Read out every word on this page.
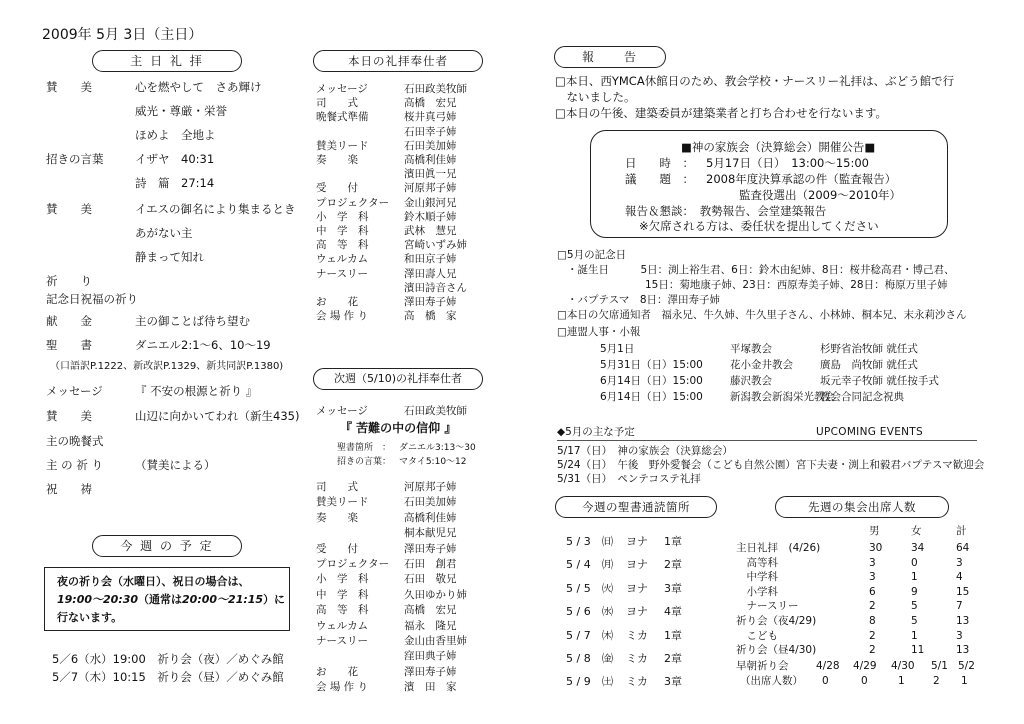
2009年 5月 3日（主日）
主 日 礼 拝
賛　　美	心を燃やして　さあ輝け
威光・尊厳・栄誉
ほめよ　全地よ
招きの言葉	イザヤ　40:31
詩　篇　27:14
賛　　美	イエスの御名により集まるとき
あがない主
静まって知れ
祈　　り
記念日祝福の祈り
献　　金	主の御ことば待ち望む
聖　　書	ダニエル2:1～6、10～19
（口語訳P.1222、新改訳P.1329、新共同訳P.1380)
メッセージ	『 不安の根源と祈り 』
賛　　美	山辺に向かいてわれ（新生435)
主の晩餐式
主 の 祈 り	（賛美による）
祝　　祷
今 週 の 予 定
夜の祈り会（水曜日）、祝日の場合は、
19:00～20:30（通常は20:00～21:15）に
行ないます。
5／6（水）19:00　祈り会（夜）／めぐみ館
5／7（木）10:15　祈り会（昼）／めぐみ館
本日の礼拝奉仕者
メッセージ	石田政美牧師
司　　式	高橋　宏兄
晩餐式準備	桜井真弓姉
石田幸子姉
賛美リード	石田美加姉
奏　　楽	高橋利佳姉
濱田眞一兄
受　　付	河原邦子姉
プロジェクター 金山銀河兄
小　学　科	鈴木順子姉
中　学　科	武林　慧兄
高　等　科	宮崎いずみ姉
ウェルカム	和田京子姉
ナースリー	澤田壽人兄
濱田詩音さん
お　　花	澤田寿子姉
会 場 作 り	高　橋　家
次週（5/10)の礼拝奉仕者
メッセージ	石田政美牧師
『 苦難の中の信仰 』
聖書箇所　： ダニエル3:13～30
招きの言葉： マタイ5:10～12
司　　式	河原邦子姉
賛美リード	石田美加姉
奏　　楽	高橋利佳姉
桐本献児兄
受　　付	澤田寿子姉
プロジェクター 石田　創君
小　学　科	石田　敬兄
中　学　科	久田ゆかり姉
高　等　科	高橋　宏兄
ウェルカム	福永　隆兄
ナースリー	金山由香里姉
窪田典子姉
お　　花	澤田寿子姉
会 場 作 り	濱　田　家
報　　告
□本日、西YMCA休館日のため、教会学校・ナースリー礼拝は、ぶどう館で行
　ないました。
□本日の午後、建築委員が建築業者と打ち合わせを行ないます。
■神の家族会（決算総会）開催公告■
日　　時　： 5月17日（日）　13:00～15:00
議　　題　： 2008年度決算承認の件（監査報告）
監査役選出（2009～2010年）
報告＆懇談：　教勢報告、会堂建築報告
※欠席される方は、委任状を提出してください
□5月の記念日
・誕生日　　　5日：渕上裕生君、6日：鈴木由紀姉、8日：桜井稔高君・博己君、
15日：菊地康子姉、23日：西原寿美子姉、28日：梅原万里子姉
・バプテスマ　8日：澤田寿子姉
□本日の欠席通知者　福永兄、牛久姉、牛久里子さん、小林姉、桐本兄、末永莉沙さん
□連盟人事・小報
5月1日	平塚教会	杉野省治牧師 就任式
5月31日（日）15:00	花小金井教会	廣島　尚牧師 就任式
6月14日（日）15:00	藤沢教会	坂元幸子牧師 就任按手式
6月14日（日）15:00	新潟教会新潟栄光教会
教会合同記念祝典
◆5月の主な予定	UPCOMING EVENTS
5/17（日）　神の家族会（決算総会）
5/24（日）　午後　野外愛餐会（こども自然公園）宮下夫妻・渕上和毅君バプテスマ歓迎会
5/31（日）　ペンテコステ礼拝
今週の聖書通読箇所
5 / 3 ㈰ ヨナ 1章
5 / 4 ㈪ ヨナ 2章
5 / 5 ㈫ ヨナ 3章
5 / 6 ㈬ ヨナ 4章
5 / 7 ㈭ ミカ 1章
5 / 8 ㈮ ミカ 2章
5 / 9 ㈯ ミカ 3章
先週の集会出席人数
男	女	計
主日礼拝　(4/26)	30	34	64
　高等科	3	0	3
　中学科	3	1	4
　小学科	6	9	15
　ナースリー	2	5	7
祈り会（夜4/29)	8	5	13
　こども	2	1	3
祈り会（昼4/30)	2	11	13
早朝祈り会	4/28 4/29 4/30 5/1 5/2
（出席人数） 0	0	1	2 1
